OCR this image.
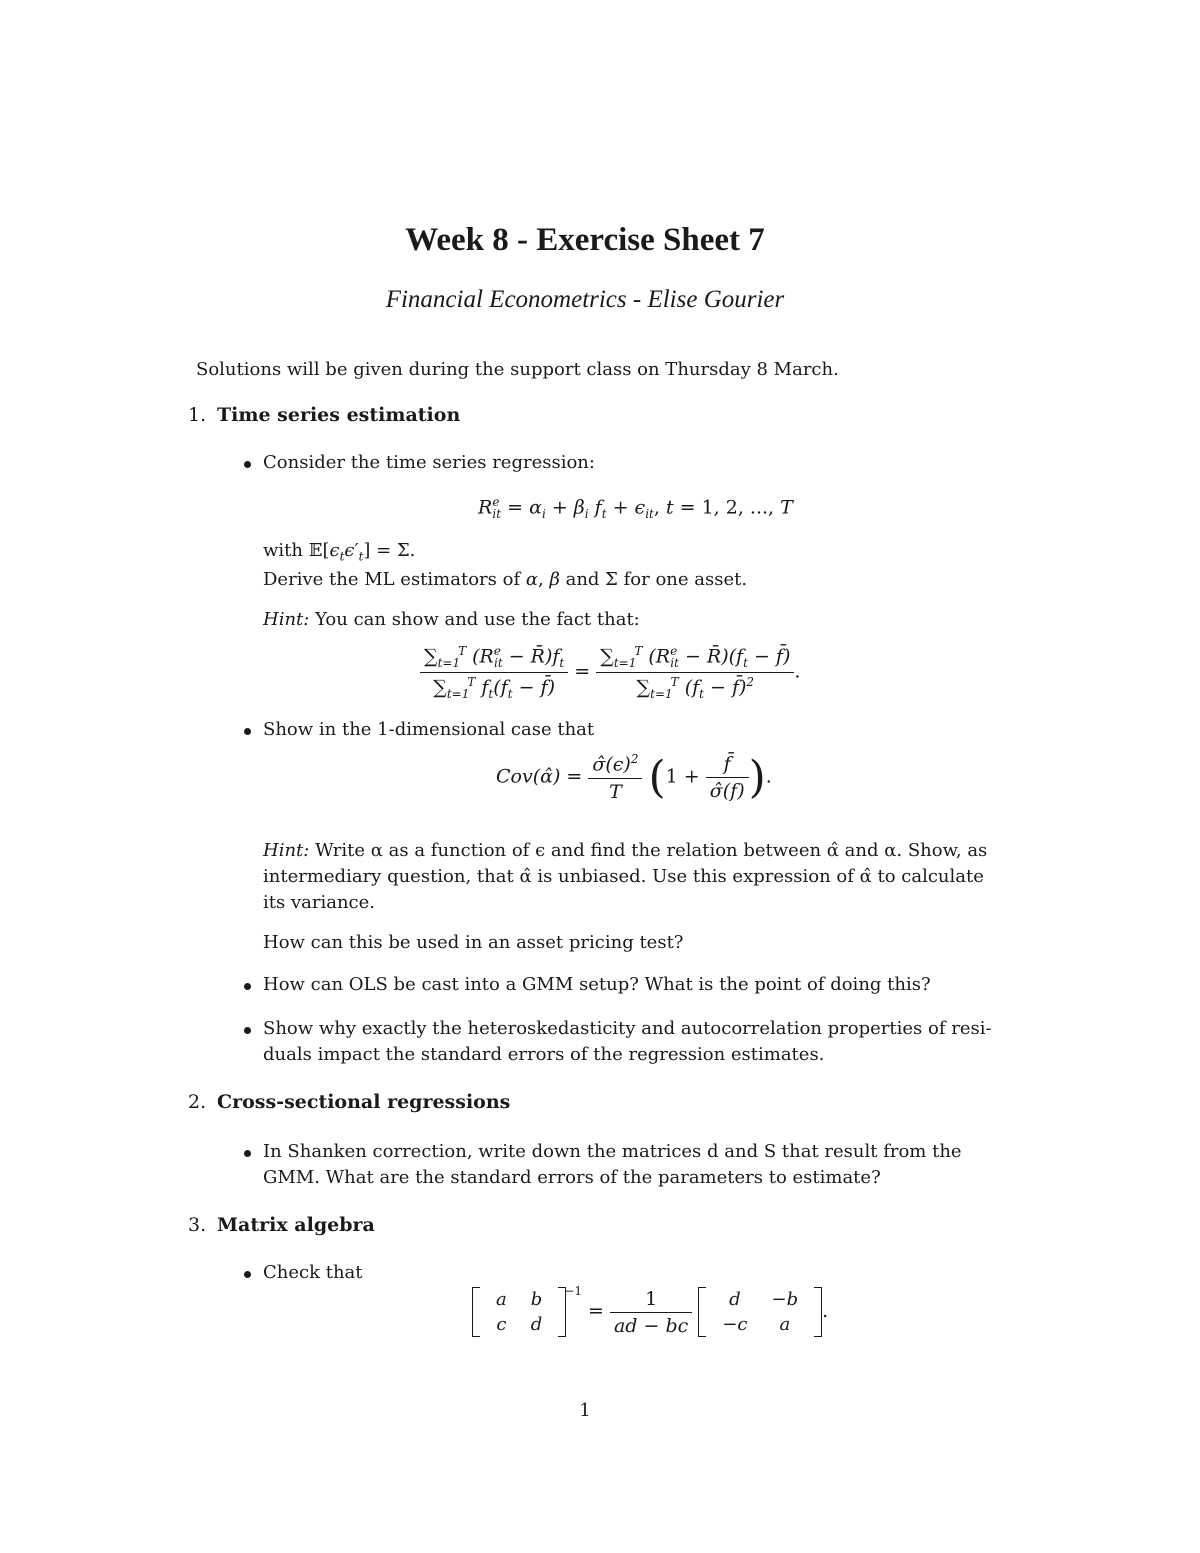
Week 8 - Exercise Sheet 7
Financial Econometrics - Elise Gourier
Solutions will be given during the support class on Thursday 8 March.
1. Time series estimation
Consider the time series regression:
$R^e_{it} = \alpha_i + \beta_i$ $f_t + \epsilon_{it}$, t = 1, 2, ..., T
with $𝔼[\epsilon_t\epsilon'_t] = \Sigma$.
Derive the ML estimators of α, β and Σ for one asset.
Hint: You can show and use the fact that:
$\frac{\sum_{t=1}^T (R^e_{it} - R̄)f_t}{\sum_{t=1}^T f_t(f_t - f̄)} = \frac{\sum_{t=1}^T (R^e_{it} - R̄)(f_t - f̄)}{\sum_{t=1}^T (f_t - f̄)^2}$ .
Show in the 1-dimensional case that
Cov(α̂) = $\frac{\sigmâ(\epsilon)^2}{T} (1 + \frac{f̄}{\sigmâ(f)}$ ).
Hint: Write α as a function of ϵ and find the relation between α̂ and α. Show, as
intermediary question, that α̂ is unbiased. Use this expression of α̂ to calculate
its variance.
How can this be used in an asset pricing test?
How can OLS be cast into a GMM setup? What is the point of doing this?
Show why exactly the heteroskedasticity and autocorrelation properties of resi-
duals impact the standard errors of the regression estimates.
2. Cross-sectional regressions
In Shanken correction, write down the matrices d and S that result from the
GMM. What are the standard errors of the parameters to estimate?
3. Matrix algebra
Check that
a	b
c	d
$^{-1} = \frac{1}{ad - bc}$
d	−b
−c	a
.
1
